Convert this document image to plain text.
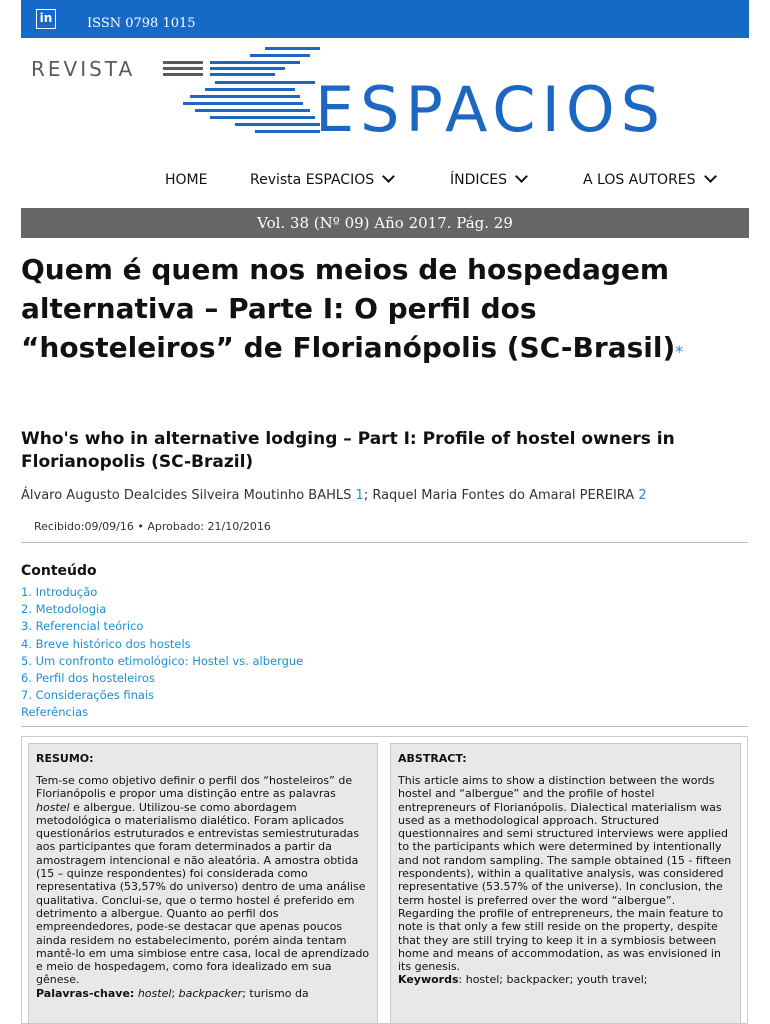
in	ISSN 0798 1015
REVISTA
ESPACIOS
HOME	Revista ESPACIOS	ÍNDICES	A LOS AUTORES
Vol. 38 (Nº 09) Año 2017. Pág. 29
Quem é quem nos meios de hospedagem alternativa – Parte I: O perfil dos “hosteleiros” de Florianópolis (SC-Brasil)*
Who's who in alternative lodging – Part I: Profile of hostel owners in Florianopolis (SC-Brazil)
Álvaro Augusto Dealcides Silveira Moutinho BAHLS 1; Raquel Maria Fontes do Amaral PEREIRA 2
Recibido:09/09/16 • Aprobado: 21/10/2016
Conteúdo
1. Introdução
2. Metodologia
3. Referencial teórico
4. Breve histórico dos hostels
5. Um confronto etimológico: Hostel vs. albergue
6. Perfil dos hosteleiros
7. Considerações finais
Referências
RESUMO:

Tem-se como objetivo definir o perfil dos “hosteleiros” de Florianópolis e propor uma distinção entre as palavras hostel e albergue. Utilizou-se como abordagem metodológica o materialismo dialético. Foram aplicados questionários estruturados e entrevistas semiestruturadas aos participantes que foram determinados a partir da amostragem intencional e não aleatória. A amostra obtida (15 – quinze respondentes) foi considerada como representativa (53,57% do universo) dentro de uma análise qualitativa. Conclui-se, que o termo hostel é preferido em detrimento a albergue. Quanto ao perfil dos empreendedores, pode-se destacar que apenas poucos ainda residem no estabelecimento, porém ainda tentam mantê-lo em uma simbiose entre casa, local de aprendizado e meio de hospedagem, como fora idealizado em sua gênese.
Palavras-chave: hostel; backpacker; turismo da

ABSTRACT:

This article aims to show a distinction between the words hostel and “albergue” and the profile of hostel entrepreneurs of Florianópolis. Dialectical materialism was used as a methodological approach. Structured questionnaires and semi structured interviews were applied to the participants which were determined by intentionally and not random sampling. The sample obtained (15 - fifteen respondents), within a qualitative analysis, was considered representative (53.57% of the universe). In conclusion, the term hostel is preferred over the word “albergue”. Regarding the profile of entrepreneurs, the main feature to note is that only a few still reside on the property, despite that they are still trying to keep it in a symbiosis between home and means of accommodation, as was envisioned in its genesis.
Keywords: hostel; backpacker; youth travel;
